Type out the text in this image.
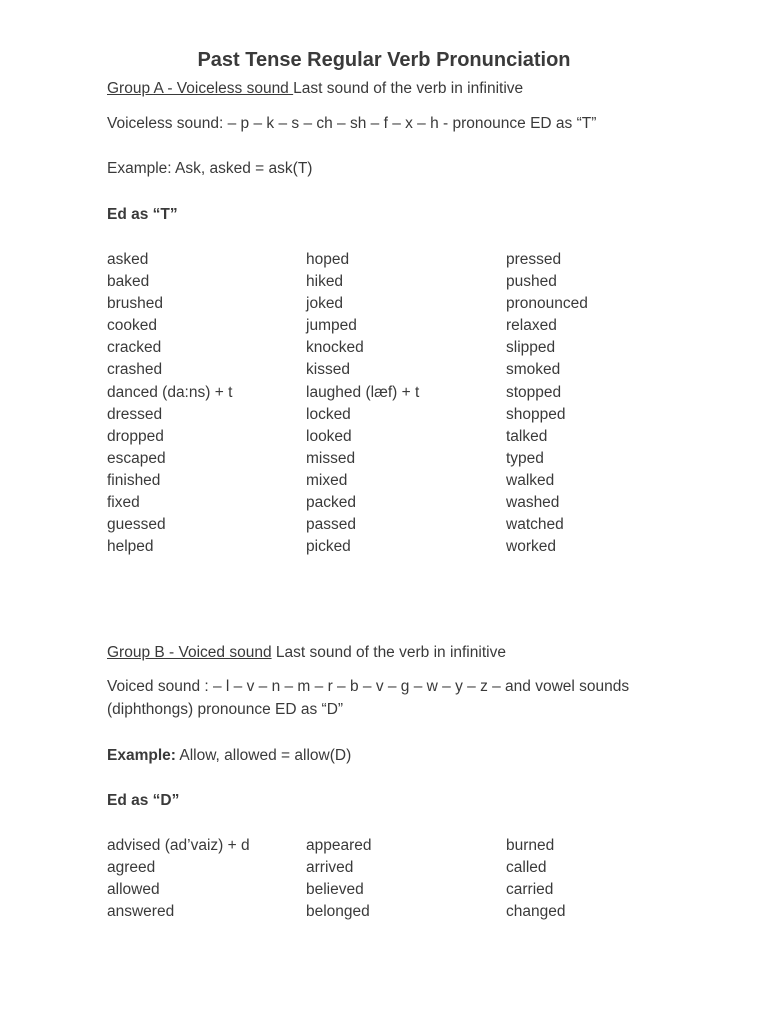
Past Tense Regular Verb Pronunciation
Group A - Voiceless sound Last sound of the verb in infinitive
Voiceless sound: – p – k – s – ch – sh – f – x – h - pronounce ED as “T”
Example: Ask, asked = ask(T)
Ed as “T”
asked
baked
brushed
cooked
cracked
crashed
danced (da:ns) + t
dressed
dropped
escaped
finished
fixed
guessed
helped
hoped
hiked
joked
jumped
knocked
kissed
laughed (læf) + t
locked
looked
missed
mixed
packed
passed
picked
pressed
pushed
pronounced
relaxed
slipped
smoked
stopped
shopped
talked
typed
walked
washed
watched
worked
Group B - Voiced sound Last sound of the verb in infinitive
Voiced sound : – l – v – n – m – r – b – v – g – w – y – z – and vowel sounds
(diphthongs) pronounce ED as “D”
Example: Allow, allowed = allow(D)
Ed as “D”
advised (ad’vaiz) + d
agreed
allowed
answered
appeared
arrived
believed
belonged
burned
called
carried
changed
